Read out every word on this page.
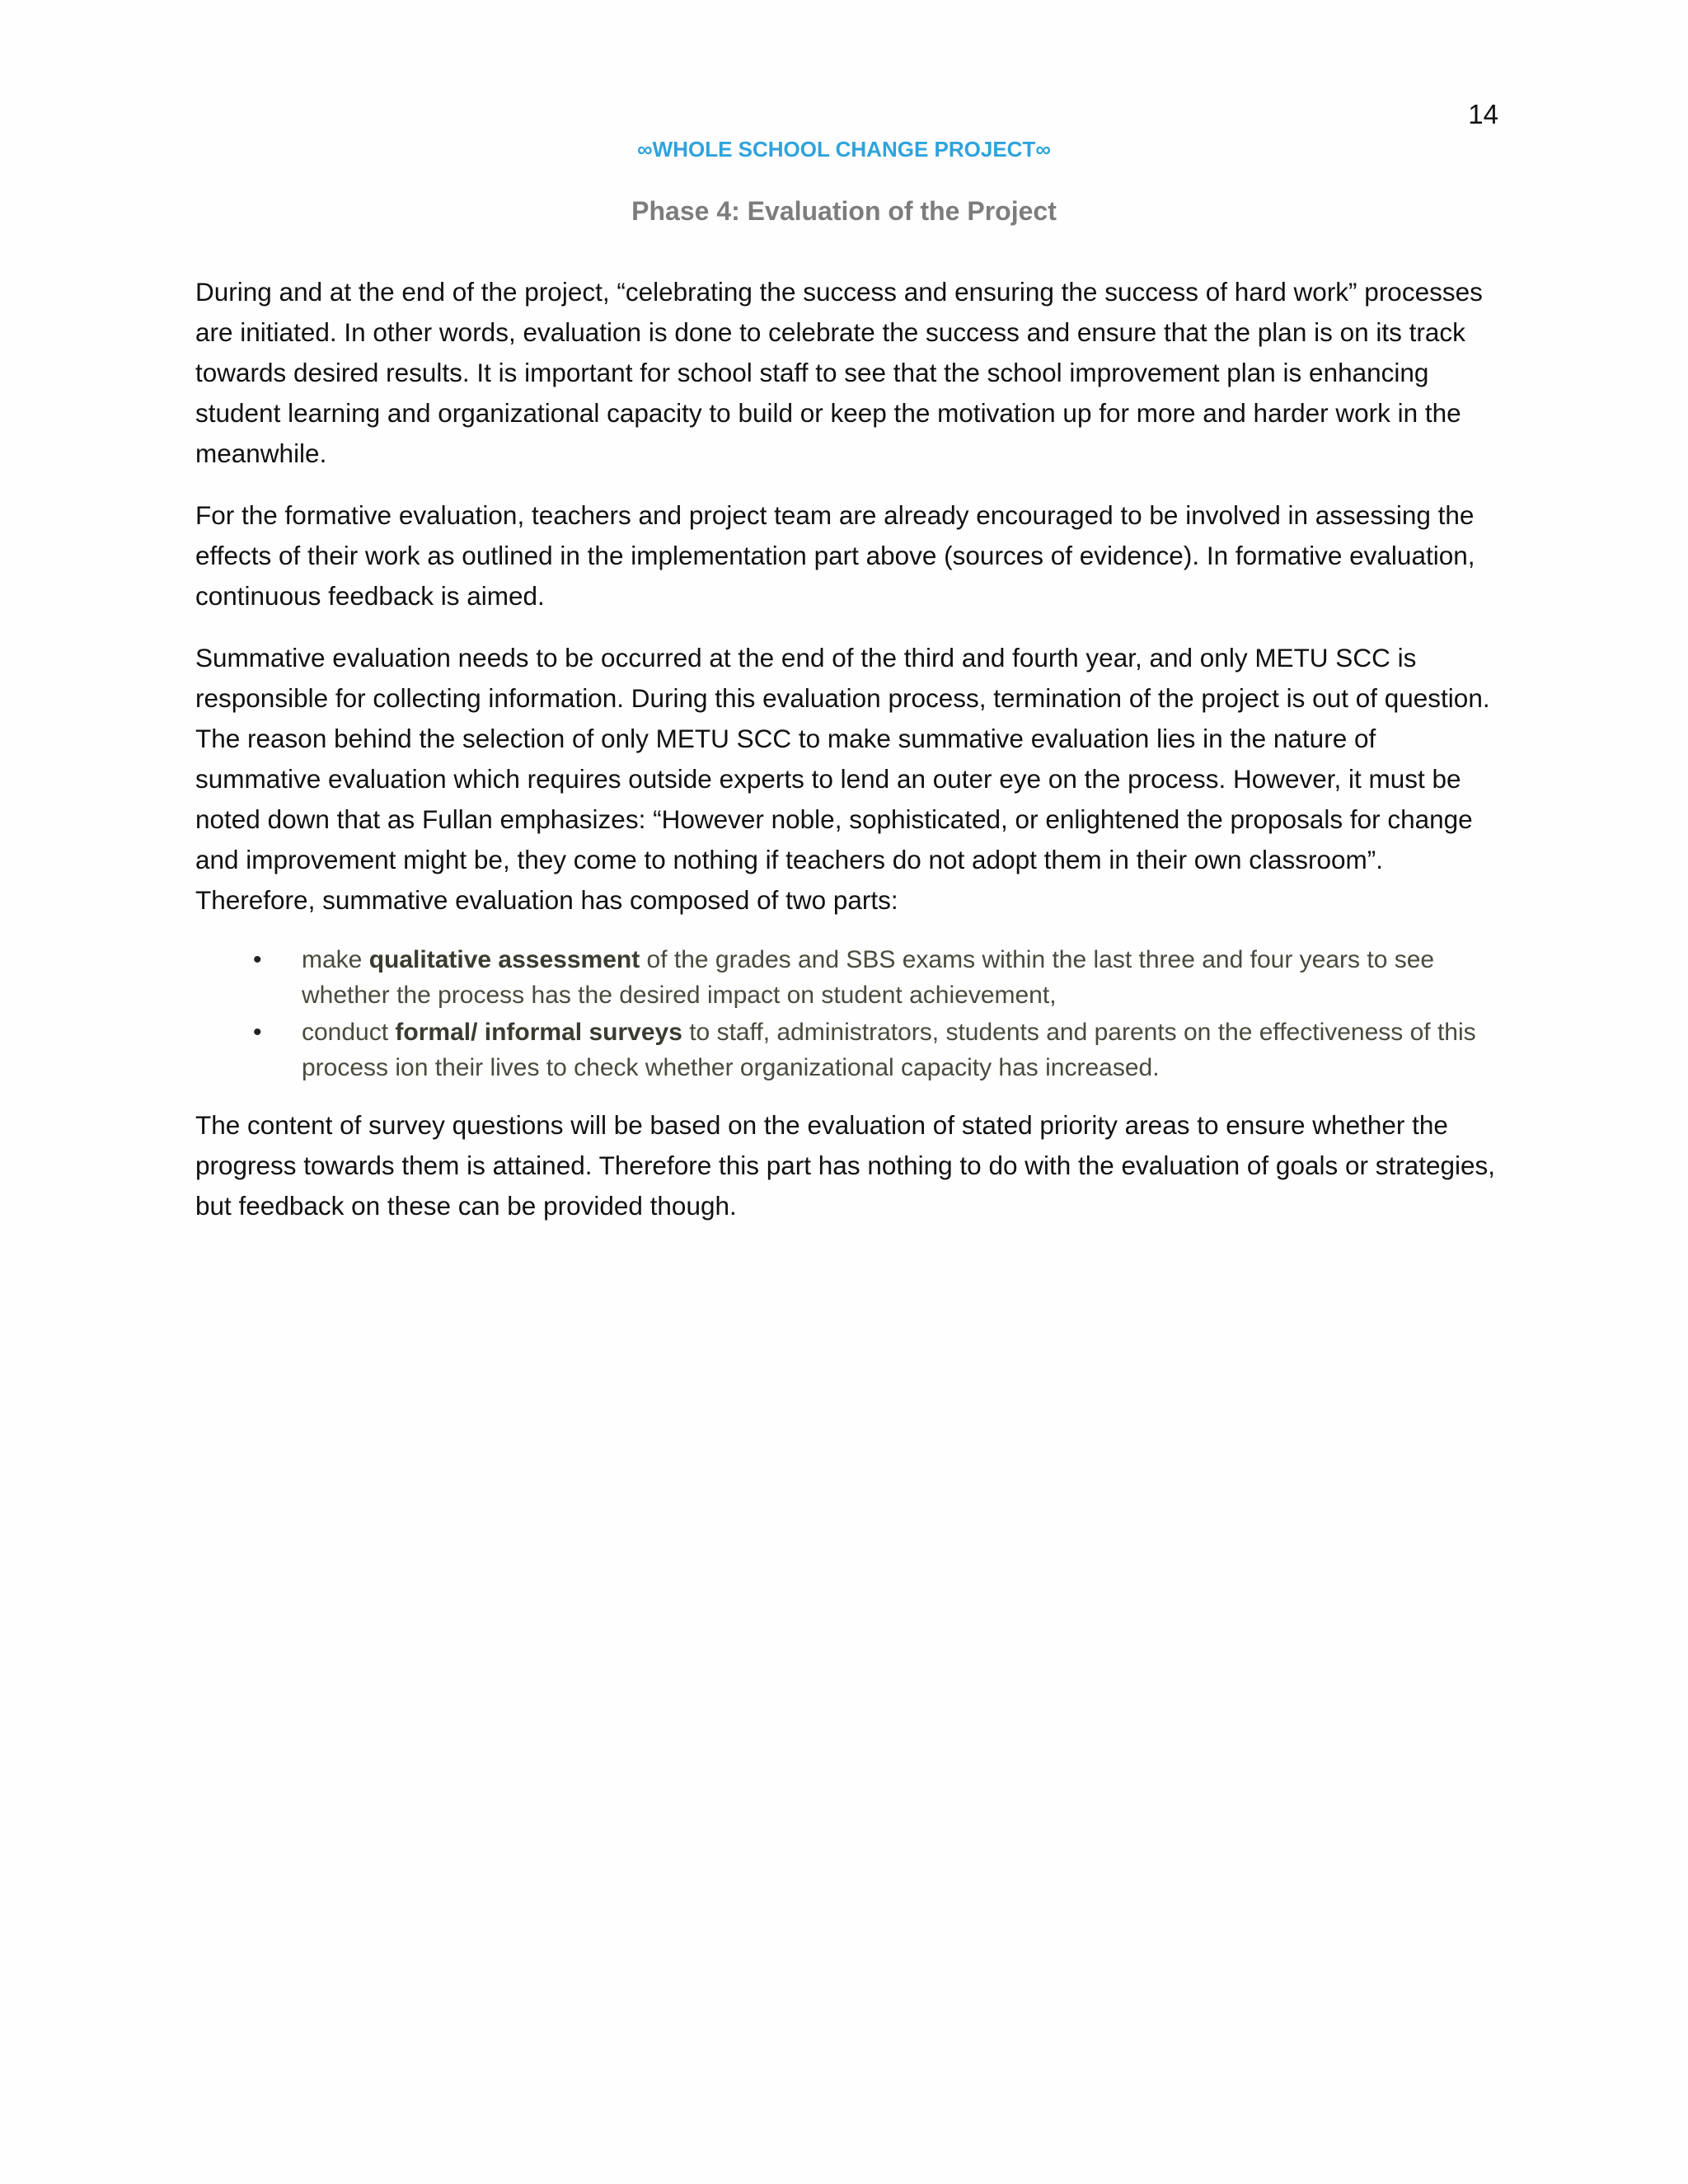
14
∞WHOLE SCHOOL CHANGE PROJECT∞
Phase 4: Evaluation of the Project

During and at the end of the project, “celebrating the success and ensuring the success of hard work” processes are initiated. In other words, evaluation is done to celebrate the success and ensure that the plan is on its track towards desired results. It is important for school staff to see that the school improvement plan is enhancing student learning and organizational capacity to build or keep the motivation up for more and harder work in the meanwhile.

For the formative evaluation, teachers and project team are already encouraged to be involved in assessing the effects of their work as outlined in the implementation part above (sources of evidence). In formative evaluation, continuous feedback is aimed.

Summative evaluation needs to be occurred at the end of the third and fourth year, and only METU SCC is responsible for collecting information. During this evaluation process, termination of the project is out of question. The reason behind the selection of only METU SCC to make summative evaluation lies in the nature of summative evaluation which requires outside experts to lend an outer eye on the process. However, it must be noted down that as Fullan emphasizes: “However noble, sophisticated, or enlightened the proposals for change and improvement might be, they come to nothing if teachers do not adopt them in their own classroom”. Therefore, summative evaluation has composed of two parts:

• make qualitative assessment of the grades and SBS exams within the last three and four years to see whether the process has the desired impact on student achievement,
• conduct formal/ informal surveys to staff, administrators, students and parents on the effectiveness of this process ion their lives to check whether organizational capacity has increased.

The content of survey questions will be based on the evaluation of stated priority areas to ensure whether the progress towards them is attained. Therefore this part has nothing to do with the evaluation of goals or strategies, but feedback on these can be provided though.
